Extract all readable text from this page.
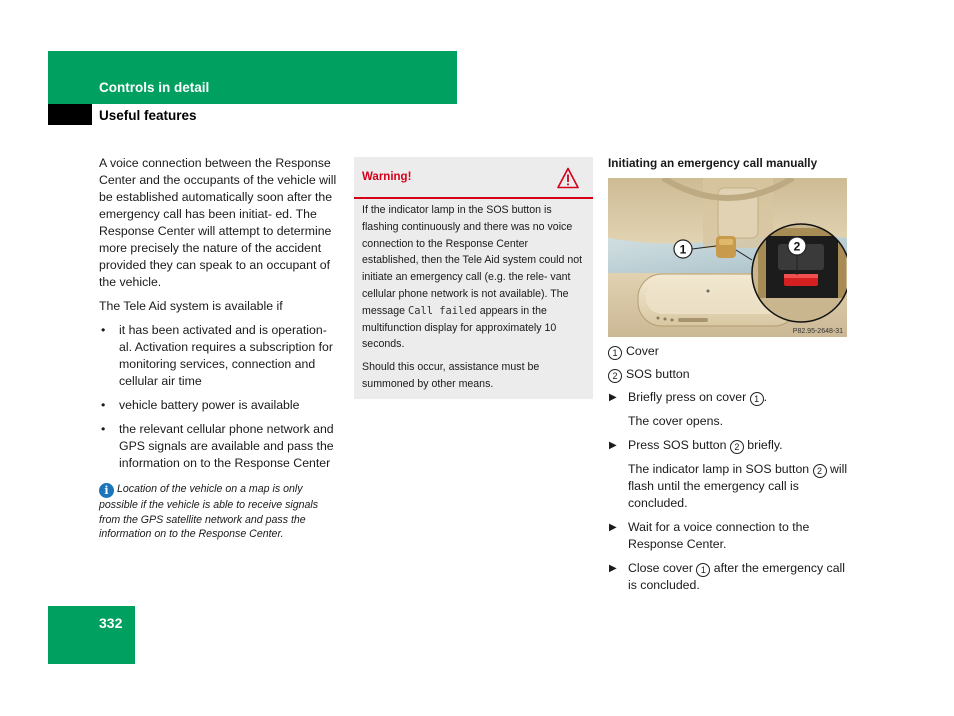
Controls in detail
Useful features

A voice connection between the Response Center and the occupants of the vehicle will be established automatically soon after the emergency call has been initiat- ed. The Response Center will attempt to determine more precisely the nature of the accident provided they can speak to an occupant of the vehicle.

The Tele Aid system is available if

• it has been activated and is operation- al. Activation requires a subscription for monitoring services, connection and cellular air time
• vehicle battery power is available
• the relevant cellular phone network and GPS signals are available and pass the information on to the Response Center
i Location of the vehicle on a map is only possible if the vehicle is able to receive signals from the GPS satellite network and pass the information on to the Response Center.
Warning!

If the indicator lamp in the SOS button is flashing continuously and there was no voice connection to the Response Center established, then the Tele Aid system could not initiate an emergency call (e.g. the rele- vant cellular phone network is not available). The message Call failed appears in the multifunction display for approximately 10 seconds.

Should this occur, assistance must be summoned by other means.

Initiating an emergency call manually
1	2
P82.95-2648-31

1 Cover

2 SOS button

▶ Briefly press on cover 1 .
The cover opens.
▶ Press SOS button 2 briefly.
The indicator lamp in SOS button 2 will flash until the emergency call is concluded.
▶ Wait for a voice connection to the Response Center.
▶ Close cover 1 after the emergency call is concluded.
332
